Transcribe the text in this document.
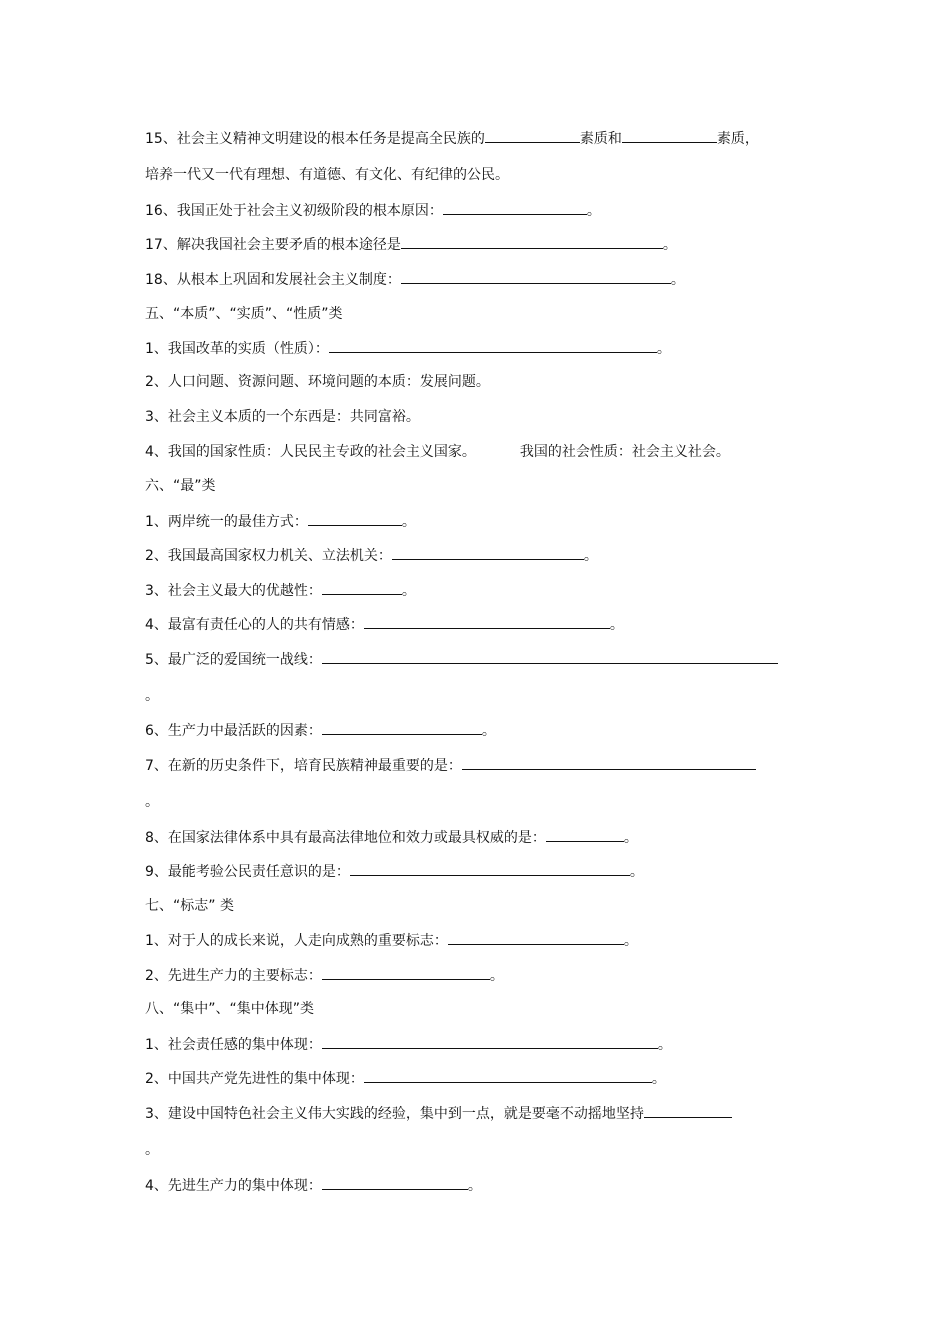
15、社会主义精神文明建设的根本任务是提高全民族的	素质和	素质，
培养一代又一代有理想、有道德、有文化、有纪律的公民。
16、我国正处于社会主义初级阶段的根本原因：	。
17、解决我国社会主要矛盾的根本途径是	。
18、从根本上巩固和发展社会主义制度：	。
五、“本质”、“实质”、“性质”类
1、我国改革的实质（性质）：	。
2、人口问题、资源问题、环境问题的本质：发展问题。
3、社会主义本质的一个东西是：共同富裕。
4、我国的国家性质：人民民主专政的社会主义国家。	我国的社会性质：社会主义社会。
六、“最”类
1、两岸统一的最佳方式：	。
2、我国最高国家权力机关、立法机关：	。
3、社会主义最大的优越性：	。
4、最富有责任心的人的共有情感：	。
5、最广泛的爱国统一战线：
。
6、生产力中最活跃的因素：	。
7、在新的历史条件下，培育民族精神最重要的是：
。
8、在国家法律体系中具有最高法律地位和效力或最具权威的是：	。
9、最能考验公民责任意识的是：	。
七、“标志” 类
1、对于人的成长来说，人走向成熟的重要标志：	。
2、先进生产力的主要标志：	。
八、“集中”、“集中体现”类
1、社会责任感的集中体现：	。
2、中国共产党先进性的集中体现：	。
3、建设中国特色社会主义伟大实践的经验，集中到一点，就是要毫不动摇地坚持
。
4、先进生产力的集中体现：	。
